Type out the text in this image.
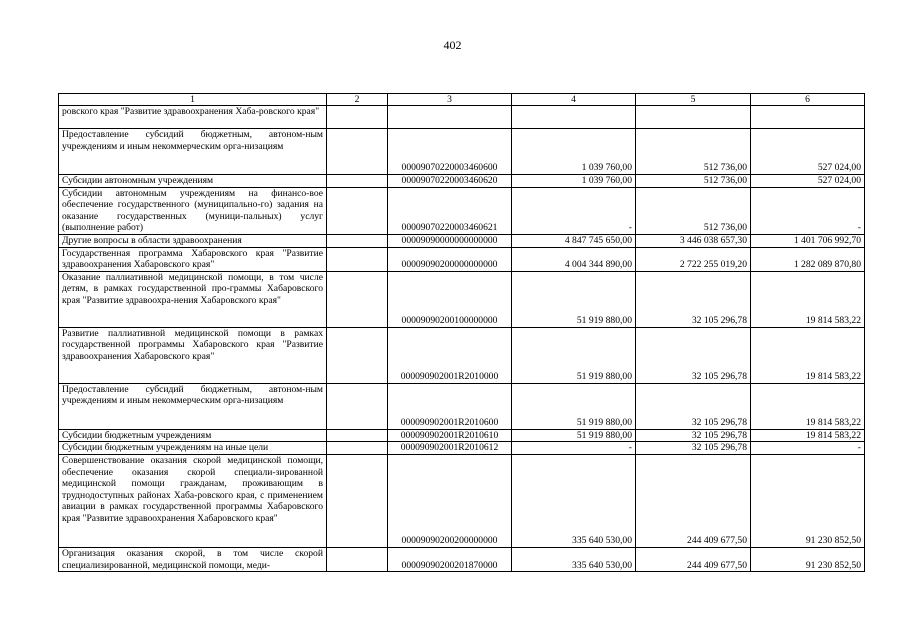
402
1	2	3	4	5	6
ровского края "Развитие здравоохранения Хаба-ровского края"					
Предоставление субсидий бюджетным, автоном-ным учреждениям и иным некоммерческим орга-низациям		00009070220003460600	1 039 760,00	512 736,00	527 024,00
Субсидии автономным учреждениям		00009070220003460620	1 039 760,00	512 736,00	527 024,00
Субсидии автономным учреждениям на финансо-вое обеспечение государственного (муниципально-го) задания на оказание государственных (муници-пальных) услуг (выполнение работ)		00009070220003460621	-	512 736,00	-
Другие вопросы в области здравоохранения		00009090000000000000	4 847 745 650,00	3 446 038 657,30	1 401 706 992,70
Государственная программа Хабаровского края "Развитие здравоохранения Хабаровского края"		00009090200000000000	4 004 344 890,00	2 722 255 019,20	1 282 089 870,80
Оказание паллиативной медицинской помощи, в том числе детям, в рамках государственной про-граммы Хабаровского края "Развитие здравоохра-нения Хабаровского края"		00009090200100000000	51 919 880,00	32 105 296,78	19 814 583,22
Развитие паллиативной медицинской помощи в рамках государственной программы Хабаровского края "Развитие здравоохранения Хабаровского края"		000090902001R2010000	51 919 880,00	32 105 296,78	19 814 583,22
Предоставление субсидий бюджетным, автоном-ным учреждениям и иным некоммерческим орга-низациям		000090902001R2010600	51 919 880,00	32 105 296,78	19 814 583,22
Субсидии бюджетным учреждениям		000090902001R2010610	51 919 880,00	32 105 296,78	19 814 583,22
Субсидии бюджетным учреждениям на иные цели		000090902001R2010612	-	32 105 296,78	-
Совершенствование оказания скорой медицинской помощи, обеспечение оказания скорой специали-зированной медицинской помощи гражданам, проживающим в труднодоступных районах Хаба-ровского края, с применением авиации в рамках государственной программы Хабаровского края "Развитие здравоохранения Хабаровского края"		00009090200200000000	335 640 530,00	244 409 677,50	91 230 852,50
Организация оказания скорой, в том числе скорой специализированной, медицинской помощи, меди-		00009090200201870000	335 640 530,00	244 409 677,50	91 230 852,50
